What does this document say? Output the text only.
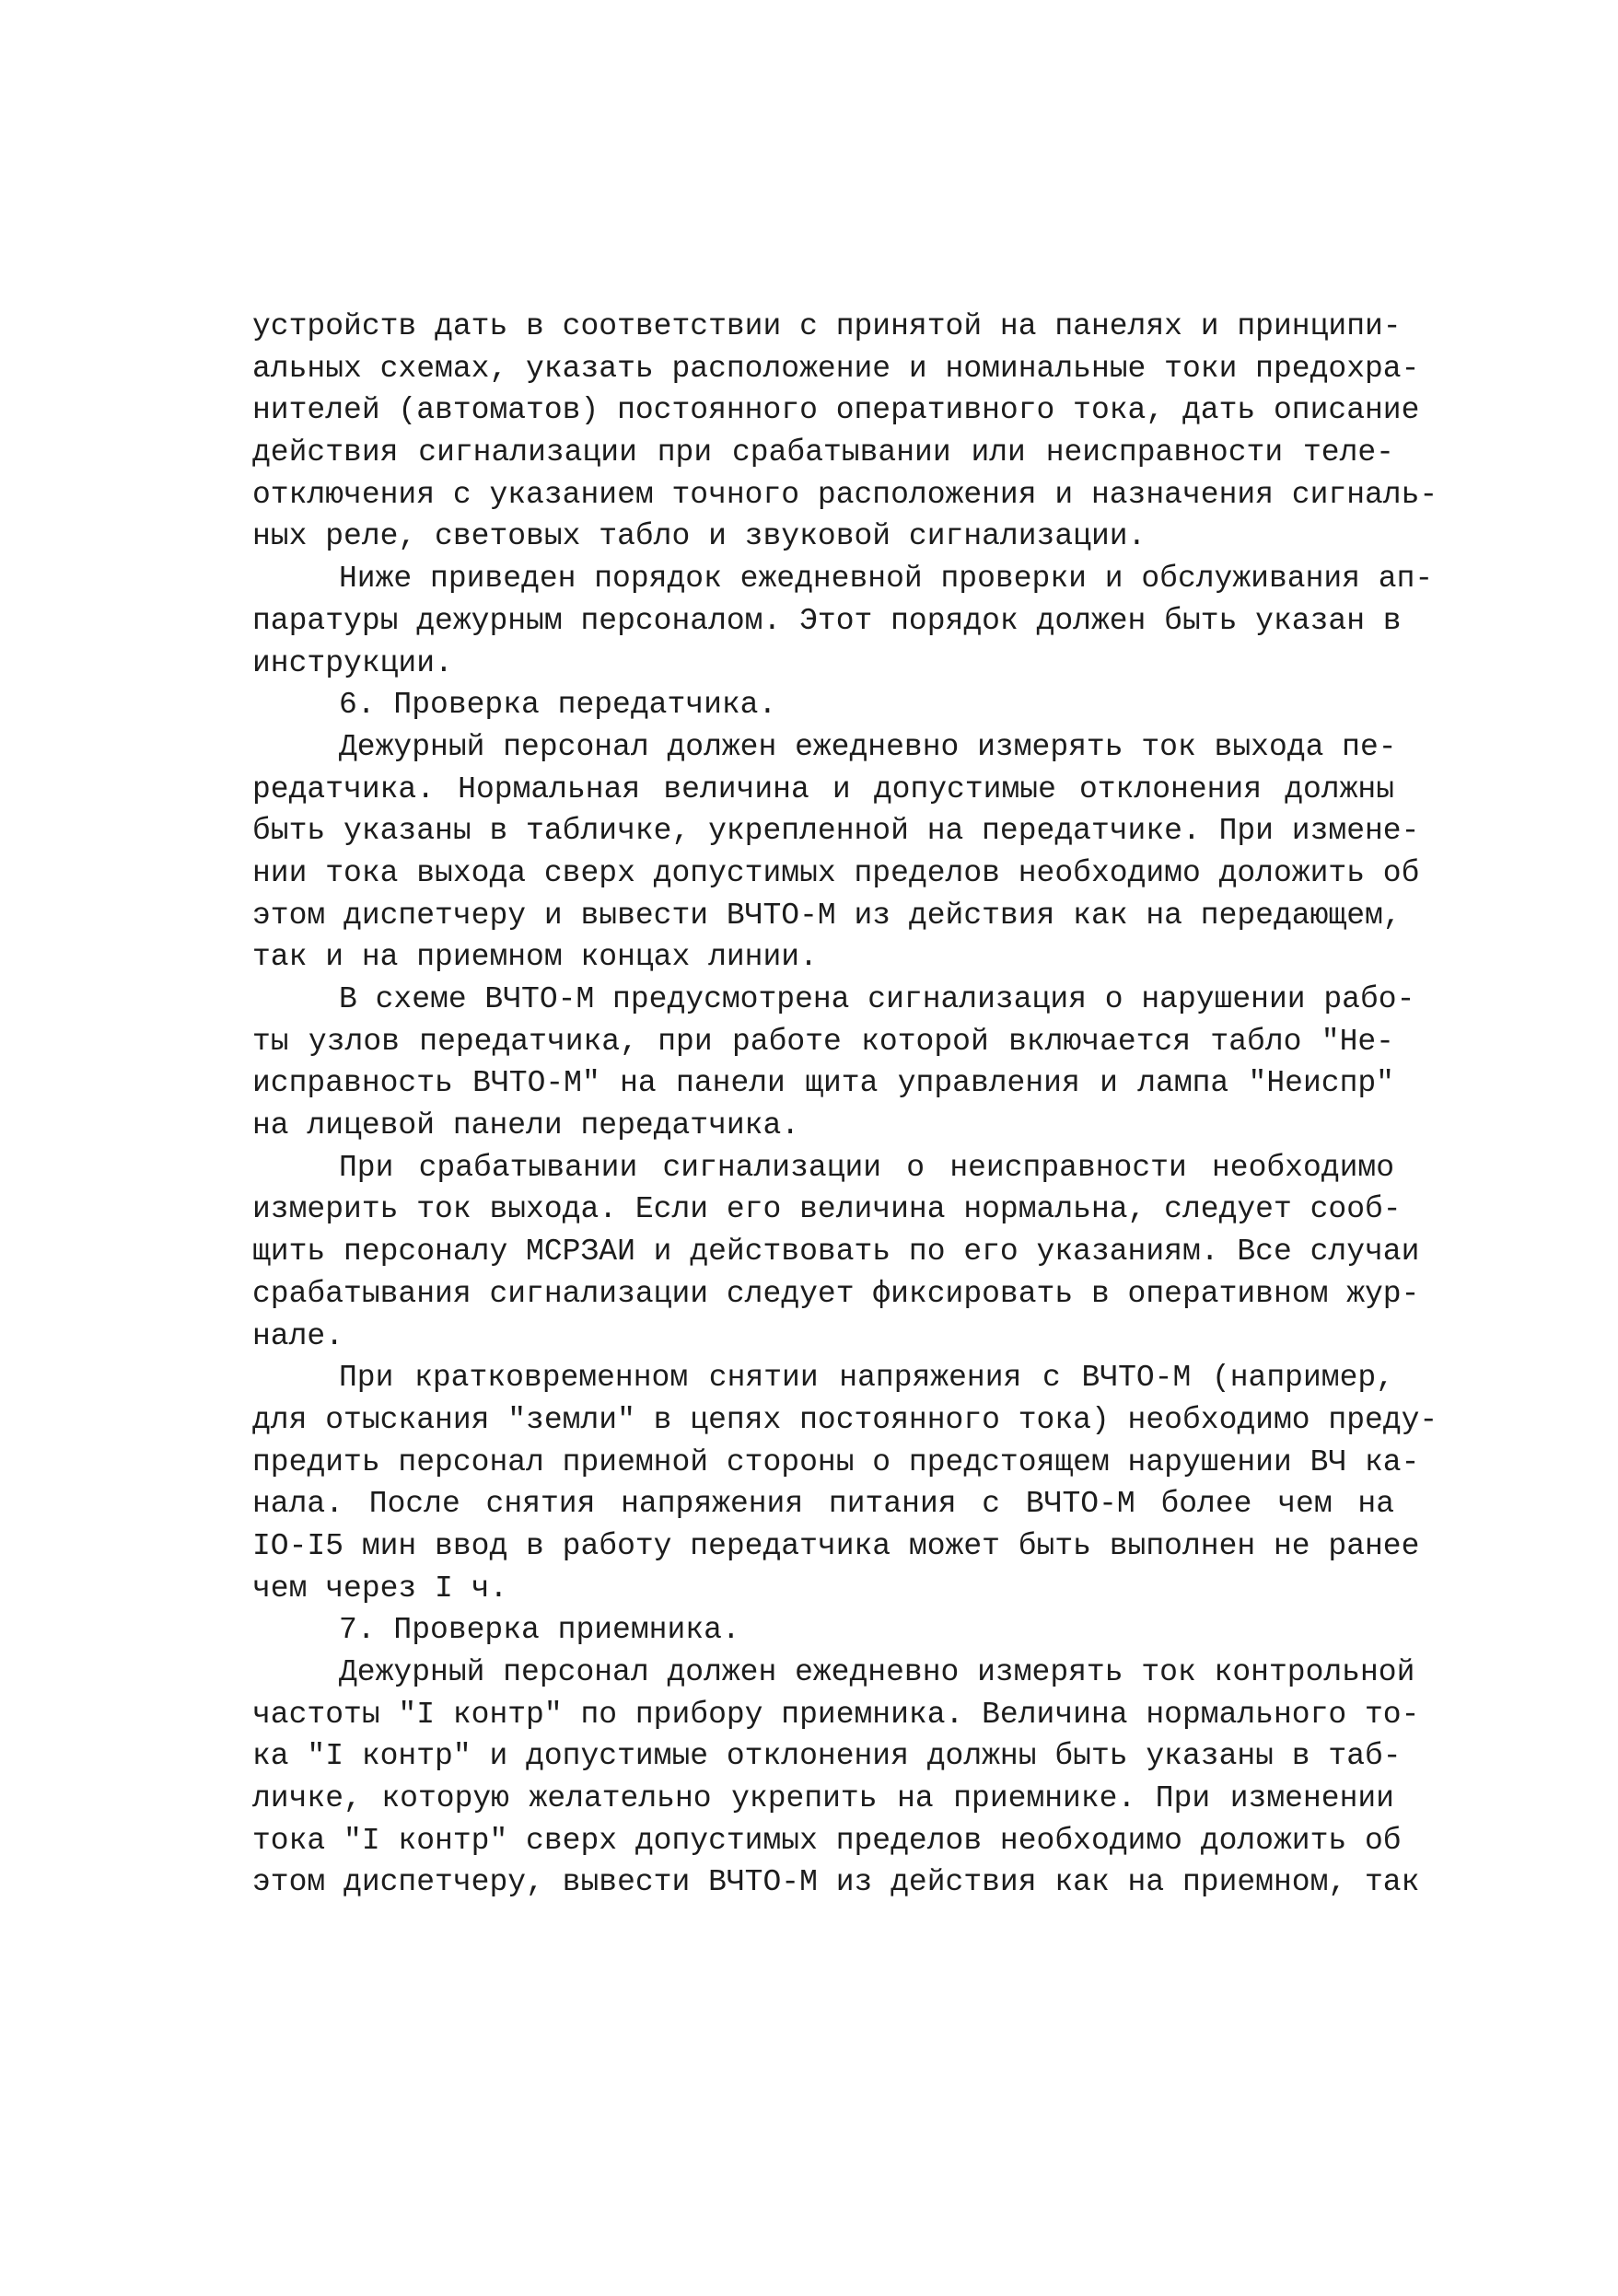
устройств дать в соответствии с принятой на панелях и принципи-
альных схемах, указать расположение и номинальные токи предохра-
нителей (автоматов) постоянного оперативного тока, дать описание
действия сигнализации при срабатывании или неисправности теле-
отключения с указанием точного расположения и назначения сигналь-
ных реле, световых табло и звуковой сигнализации.
Ниже приведен порядок ежедневной проверки и обслуживания ап-
паратуры дежурным персоналом. Этот порядок должен быть указан в
инструкции.
6. Проверка передатчика.
Дежурный персонал должен ежедневно измерять ток выхода пе-
редатчика. Нормальная величина и допустимые отклонения должны
быть указаны в табличке, укрепленной на передатчике. При измене-
нии тока выхода сверх допустимых пределов необходимо доложить об
этом диспетчеру и вывести ВЧТО-М из действия как на передающем,
так и на приемном концах линии.
В схеме ВЧТО-М предусмотрена сигнализация о нарушении рабо-
ты узлов передатчика, при работе которой включается табло "Не-
исправность ВЧТО-М" на панели щита управления и лампа "Неиспр"
на лицевой панели передатчика.
При срабатывании сигнализации о неисправности необходимо
измерить ток выхода. Если его величина нормальна, следует сооб-
щить персоналу МСРЗАИ и действовать по его указаниям. Все случаи
срабатывания сигнализации следует фиксировать в оперативном жур-
нале.
При кратковременном снятии напряжения с ВЧТО-М (например,
для отыскания "земли" в цепях постоянного тока) необходимо преду-
предить персонал приемной стороны о предстоящем нарушении ВЧ ка-
нала. После снятия напряжения питания с ВЧТО-М более чем на
IO-I5 мин ввод в работу передатчика может быть выполнен не ранее
чем через I ч.
7. Проверка приемника.
Дежурный персонал должен ежедневно измерять ток контрольной
частоты "I контр" по прибору приемника. Величина нормального то-
ка "I контр" и допустимые отклонения должны быть указаны в таб-
личке, которую желательно укрепить на приемнике. При изменении
тока "I контр" сверх допустимых пределов необходимо доложить об
этом диспетчеру, вывести ВЧТО-М из действия как на приемном, так
